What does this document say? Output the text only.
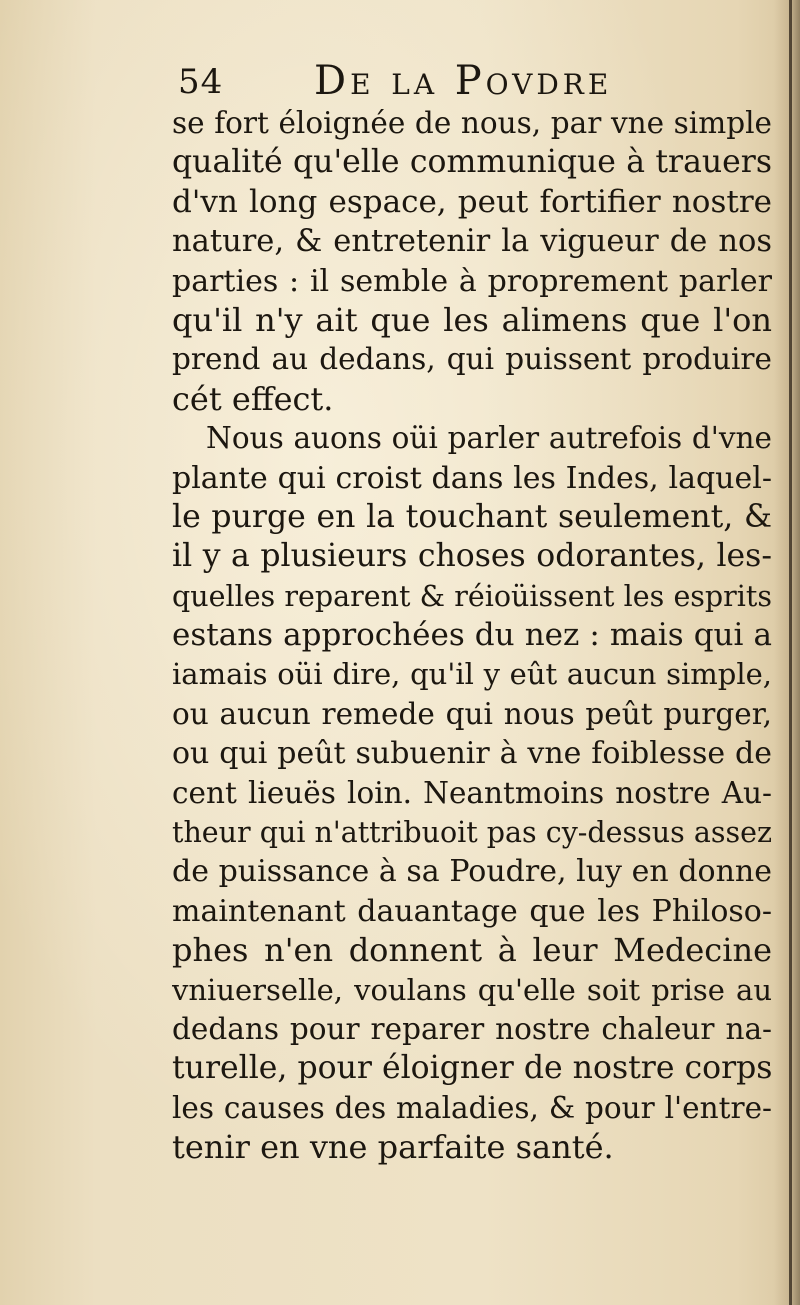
54 De la Povdre
se fort éloignée de nous, par vne simple
qualité qu'elle communique à trauers
d'vn long espace, peut fortifier nostre
nature, & entretenir la vigueur de nos
parties : il semble à proprement parler
qu'il n'y ait que les alimens que l'on
prend au dedans, qui puissent produire
cét effect.
Nous auons oüi parler autrefois d'vne
plante qui croist dans les Indes, laquel-
le purge en la touchant seulement, &
il y a plusieurs choses odorantes, les-
quelles reparent & réioüissent les esprits
estans approchées du nez : mais qui a
iamais oüi dire, qu'il y eût aucun simple,
ou aucun remede qui nous peût purger,
ou qui peût subuenir à vne foiblesse de
cent lieuës loin. Neantmoins nostre Au-
theur qui n'attribuoit pas cy-dessus assez
de puissance à sa Poudre, luy en donne
maintenant dauantage que les Philoso-
phes n'en donnent à leur Medecine
vniuerselle, voulans qu'elle soit prise au
dedans pour reparer nostre chaleur na-
turelle, pour éloigner de nostre corps
les causes des maladies, & pour l'entre-
tenir en vne parfaite santé.
